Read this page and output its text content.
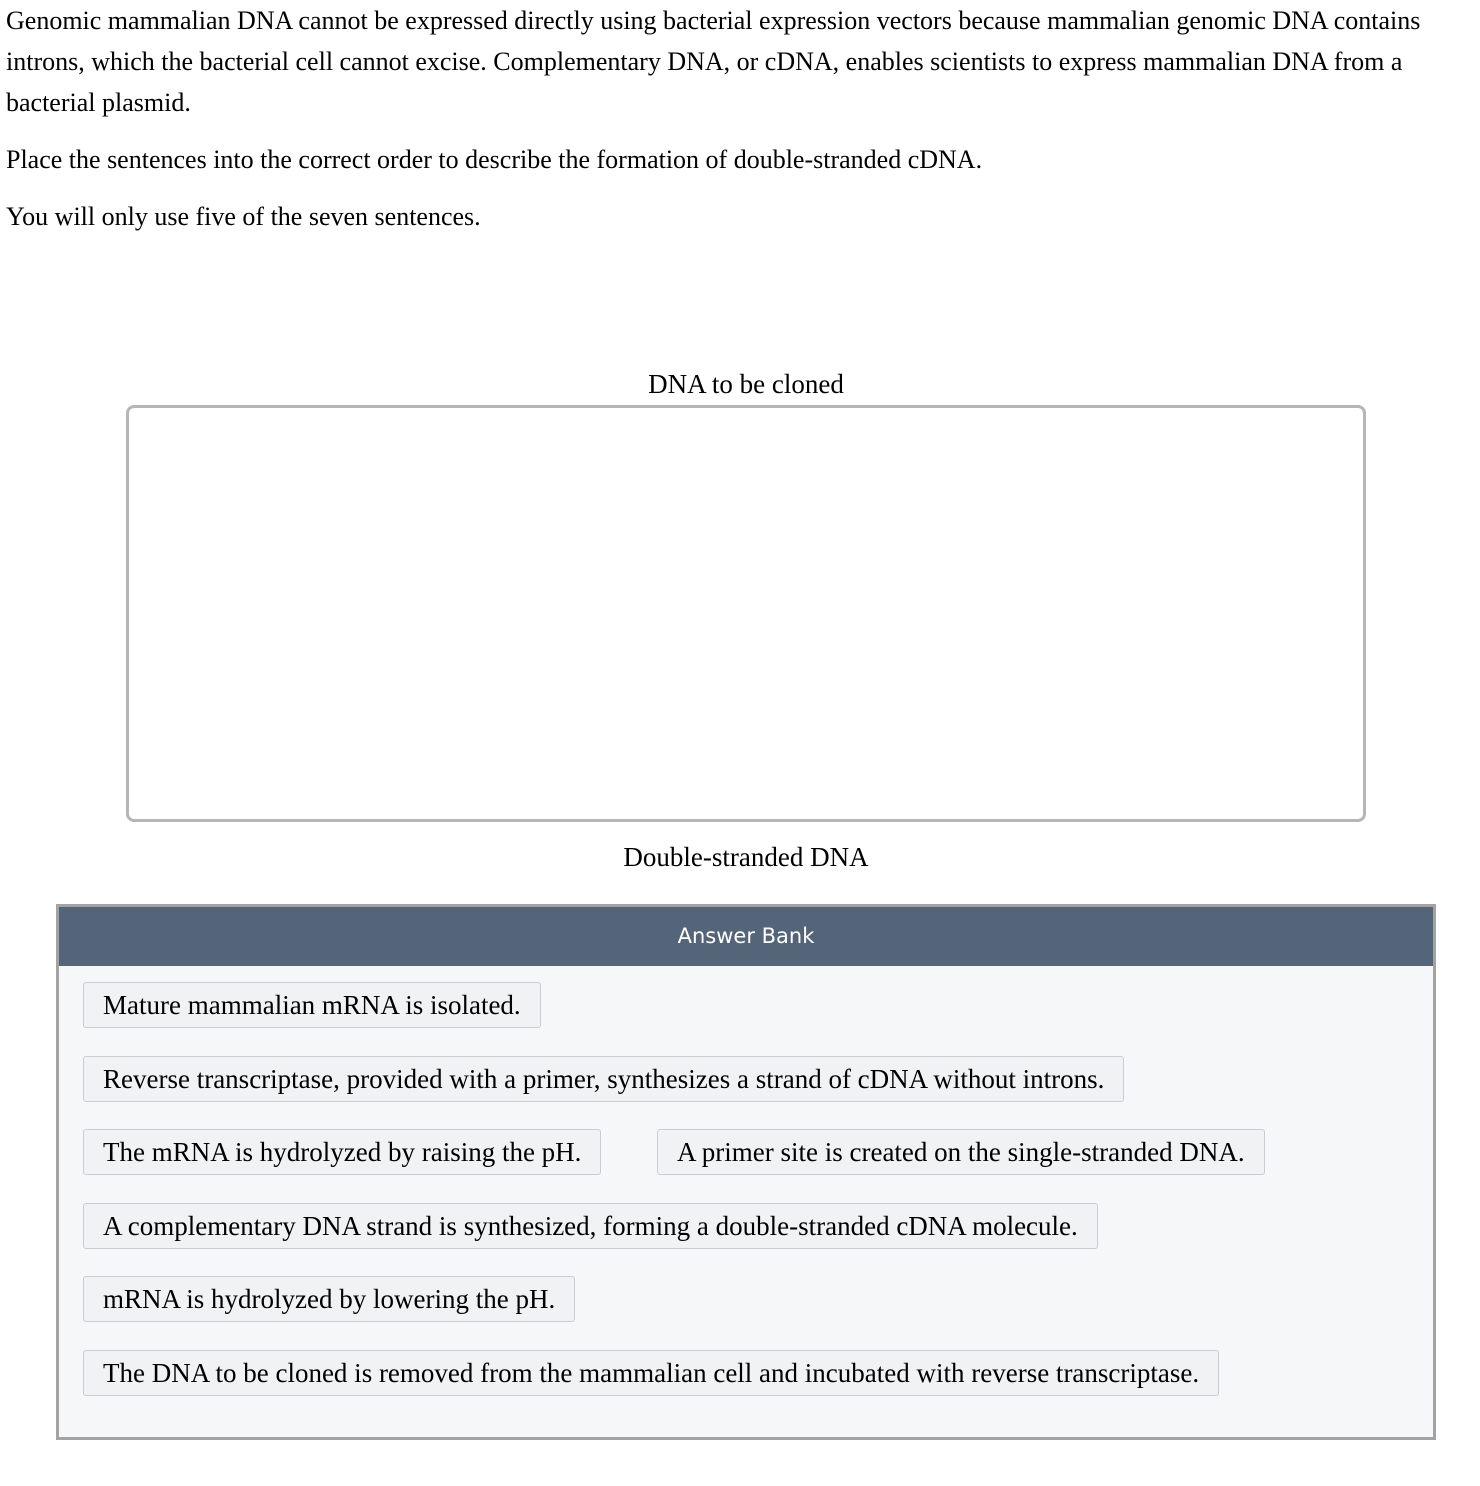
Genomic mammalian DNA cannot be expressed directly using bacterial expression vectors because mammalian genomic DNA contains introns, which the bacterial cell cannot excise. Complementary DNA, or cDNA, enables scientists to express mammalian DNA from a bacterial plasmid.

Place the sentences into the correct order to describe the formation of double-stranded cDNA.

You will only use five of the seven sentences.

DNA to be cloned
Double-stranded DNA
Answer Bank
Mature mammalian mRNA is isolated.
Reverse transcriptase, provided with a primer, synthesizes a strand of cDNA without introns.
The mRNA is hydrolyzed by raising the pH.	A primer site is created on the single-stranded DNA.
A complementary DNA strand is synthesized, forming a double-stranded cDNA molecule.
mRNA is hydrolyzed by lowering the pH.
The DNA to be cloned is removed from the mammalian cell and incubated with reverse transcriptase.
